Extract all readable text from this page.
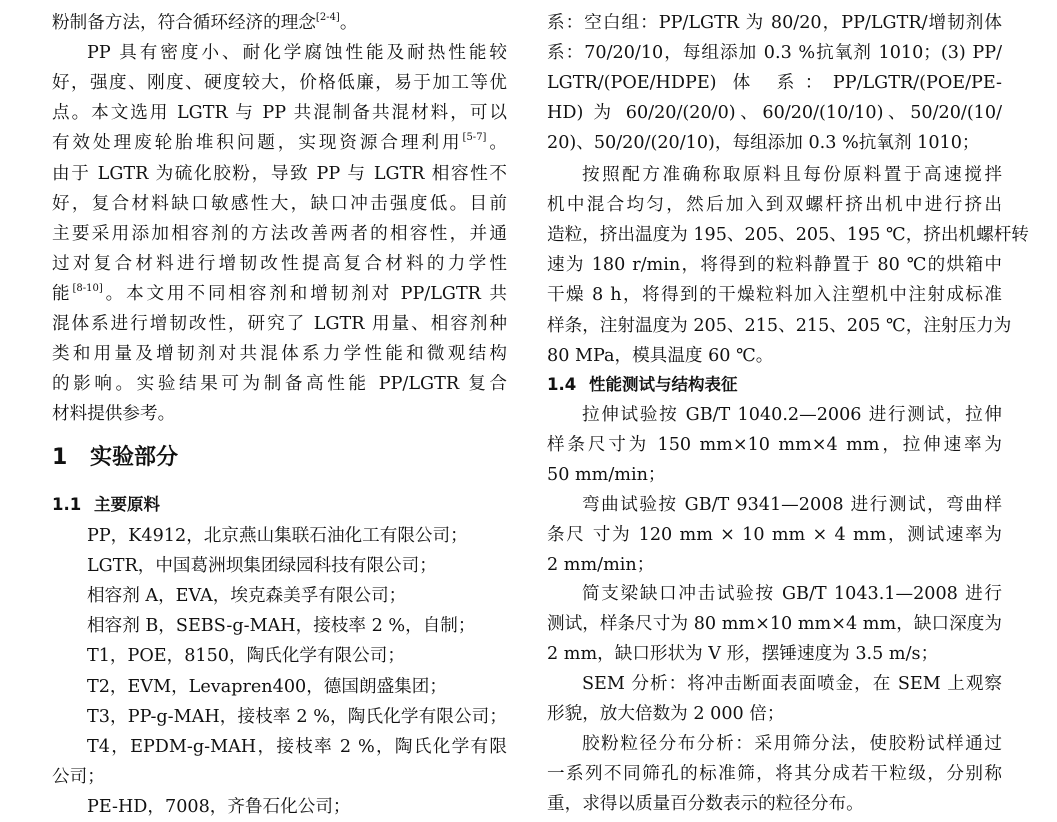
粉制备方法，符合循环经济的理念[2-4]。
PP 具有密度小、耐化学腐蚀性能及耐热性能较
好，强度、刚度、硬度较大，价格低廉，易于加工等优
点。本文选用 LGTR 与 PP 共混制备共混材料，可以
有效处理废轮胎堆积问题，实现资源合理利用[5-7]。
由于 LGTR 为硫化胶粉，导致 PP 与 LGTR 相容性不
好，复合材料缺口敏感性大，缺口冲击强度低。目前
主要采用添加相容剂的方法改善两者的相容性，并通
过对复合材料进行增韧改性提高复合材料的力学性
能[8-10]。本文用不同相容剂和增韧剂对 PP/LGTR 共
混体系进行增韧改性，研究了 LGTR 用量、相容剂种
类和用量及增韧剂对共混体系力学性能和微观结构
的影响。实验结果可为制备高性能 PP/LGTR 复合
材料提供参考。
1 实验部分
1.1 主要原料
PP，K4912，北京燕山集联石油化工有限公司；
LGTR，中国葛洲坝集团绿园科技有限公司；
相容剂 A，EVA，埃克森美孚有限公司；
相容剂 B，SEBS-g-MAH，接枝率 2 %，自制；
T1，POE，8150，陶氏化学有限公司；
T2，EVM，Levapren400，德国朗盛集团；
T3，PP-g-MAH，接枝率 2 %，陶氏化学有限公司；
T4，EPDM-g-MAH，接枝率 2 %，陶氏化学有限
公司；
PE-HD，7008，齐鲁石化公司；
系：空白组：PP/LGTR 为 80/20，PP/LGTR/增韧剂体
系：70/20/10，每组添加 0.3 %抗氧剂 1010；(3) PP/
LGTR/(POE/HDPE) 体 系：PP/LGTR/(POE/PE-
HD) 为 60/20/(20/0)、60/20/(10/10)、50/20/(10/
20)、50/20/(20/10)，每组添加 0.3 %抗氧剂 1010；
按照配方准确称取原料且每份原料置于高速搅拌
机中混合均匀，然后加入到双螺杆挤出机中进行挤出
造粒，挤出温度为 195、205、205、195 ℃，挤出机螺杆转
速为 180 r/min，将得到的粒料静置于 80 ℃的烘箱中
干燥 8 h，将得到的干燥粒料加入注塑机中注射成标准
样条，注射温度为 205、215、215、205 ℃，注射压力为
80 MPa，模具温度 60 ℃。
1.4 性能测试与结构表征
拉伸试验按 GB/T 1040.2—2006 进行测试，拉伸
样条尺寸为 150 mm×10 mm×4 mm，拉伸速率为
50 mm/min；
弯曲试验按 GB/T 9341—2008 进行测试，弯曲样
条尺 寸为 120 mm × 10 mm × 4 mm，测试速率为
2 mm/min；
简支梁缺口冲击试验按 GB/T 1043.1—2008 进行
测试，样条尺寸为 80 mm×10 mm×4 mm，缺口深度为
2 mm，缺口形状为 V 形，摆锤速度为 3.5 m/s；
SEM 分析：将冲击断面表面喷金，在 SEM 上观察
形貌，放大倍数为 2 000 倍；
胶粉粒径分布分析：采用筛分法，使胶粉试样通过
一系列不同筛孔的标准筛，将其分成若干粒级，分别称
重，求得以质量百分数表示的粒径分布。
